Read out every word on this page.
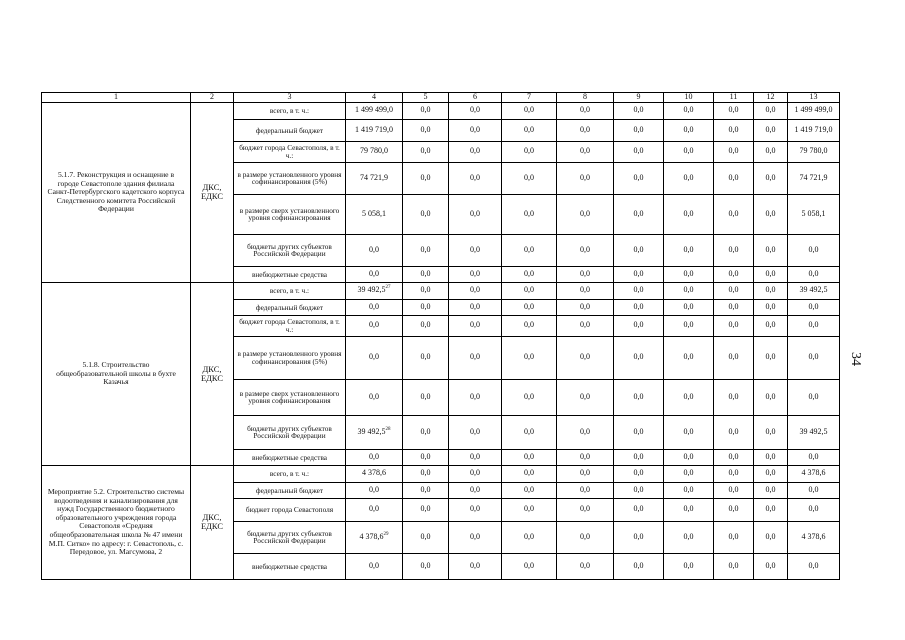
1	2	3	4	5	6	7	8	9	10	11	12	13
5.1.7. Реконструкция и оснащение в городе Севастополе здания филиала Санкт-Петербургского кадетского корпуса Следственного комитета Российской Федерации	ДКС, ЕДКС	всего, в т. ч.:	1 499 499,0	0,0	0,0	0,0	0,0	0,0	0,0	0,0	0,0	1 499 499,0
		федеральный бюджет	1 419 719,0	0,0	0,0	0,0	0,0	0,0	0,0	0,0	0,0	1 419 719,0
		бюджет города Севастополя, в т. ч.:	79 780,0	0,0	0,0	0,0	0,0	0,0	0,0	0,0	0,0	79 780,0
		в размере установленного уровня софинансирования (5%)	74 721,9	0,0	0,0	0,0	0,0	0,0	0,0	0,0	0,0	74 721,9
		в размере сверх установленного уровня софинансирования	5 058,1	0,0	0,0	0,0	0,0	0,0	0,0	0,0	0,0	5 058,1
		бюджеты других субъектов Российской Федерации	0,0	0,0	0,0	0,0	0,0	0,0	0,0	0,0	0,0	0,0
		внебюджетные средства	0,0	0,0	0,0	0,0	0,0	0,0	0,0	0,0	0,0	0,0
5.1.8. Строительство общеобразовательной школы в бухте Казачья	ДКС, ЕДКС	всего, в т. ч.:	39 492,5$^{27}$	0,0	0,0	0,0	0,0	0,0	0,0	0,0	0,0	39 492,5
		федеральный бюджет	0,0	0,0	0,0	0,0	0,0	0,0	0,0	0,0	0,0	0,0
		бюджет города Севастополя, в т. ч.:	0,0	0,0	0,0	0,0	0,0	0,0	0,0	0,0	0,0	0,0
		в размере установленного уровня софинансирования (5%)	0,0	0,0	0,0	0,0	0,0	0,0	0,0	0,0	0,0	0,0
		в размере сверх установленного уровня софинансирования	0,0	0,0	0,0	0,0	0,0	0,0	0,0	0,0	0,0	0,0
		бюджеты других субъектов Российской Федерации	39 492,5$^{28}$	0,0	0,0	0,0	0,0	0,0	0,0	0,0	0,0	39 492,5
		внебюджетные средства	0,0	0,0	0,0	0,0	0,0	0,0	0,0	0,0	0,0	0,0
Мероприятие 5.2. Строительство системы водоотведения и канализирования для нужд Государственного бюджетного образовательного учреждения города Севастополя «Средняя общеобразовательная школа № 47 имени М.П. Ситко» по адресу: г. Севастополь, с. Передовое, ул. Магсумова, 2	ДКС, ЕДКС	всего, в т. ч.:	4 378,6	0,0	0,0	0,0	0,0	0,0	0,0	0,0	0,0	4 378,6
		федеральный бюджет	0,0	0,0	0,0	0,0	0,0	0,0	0,0	0,0	0,0	0,0
		бюджет города Севастополя	0,0	0,0	0,0	0,0	0,0	0,0	0,0	0,0	0,0	0,0
		бюджеты других субъектов Российской Федерации	4 378,6$^{29}$	0,0	0,0	0,0	0,0	0,0	0,0	0,0	0,0	4 378,6
		внебюджетные средства	0,0	0,0	0,0	0,0	0,0	0,0	0,0	0,0	0,0	0,0
34
